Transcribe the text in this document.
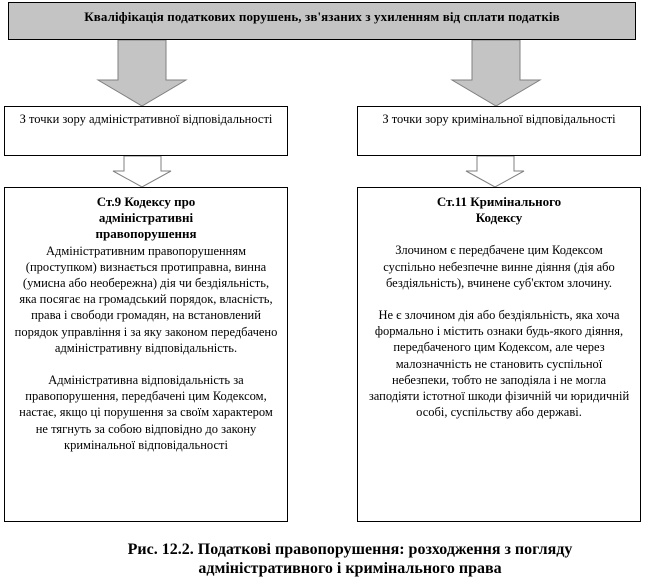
Кваліфікація податкових порушень, зв'язаних з ухиленням від сплати податків
З точки зору адміністративної відповідальності	З точки зору кримінальної відповідальності

Ст.9 Кодексу про адміністративні правопорушення

Адміністративним правопорушенням (проступком) визнається протиправна, винна (умисна або необережна) дія чи бездіяльність, яка посягає на громадський порядок, власність, права і свободи громадян, на встановлений порядок управління і за яку законом передбачено адміністративну відповідальність.

Адміністративна відповідальність за правопорушення, передбачені цим Кодексом, настає, якщо ці порушення за своїм характером не тягнуть за собою відповідно до закону кримінальної відповідальності

Ст.11 Кримінального Кодексу

Злочином є передбачене цим Кодексом суспільно небезпечне винне діяння (дія або бездіяльність), вчинене суб'єктом злочину.

Не є злочином дія або бездіяльність, яка хоча формально і містить ознаки будь-якого діяння, передбаченого цим Кодексом, але через малозначність не становить суспільної небезпеки, тобто не заподіяла і не могла заподіяти істотної шкоди фізичній чи юридичній особі, суспільству або державі.

Рис. 12.2. Податкові правопорушення: розходження з погляду
адміністративного і кримінального права
